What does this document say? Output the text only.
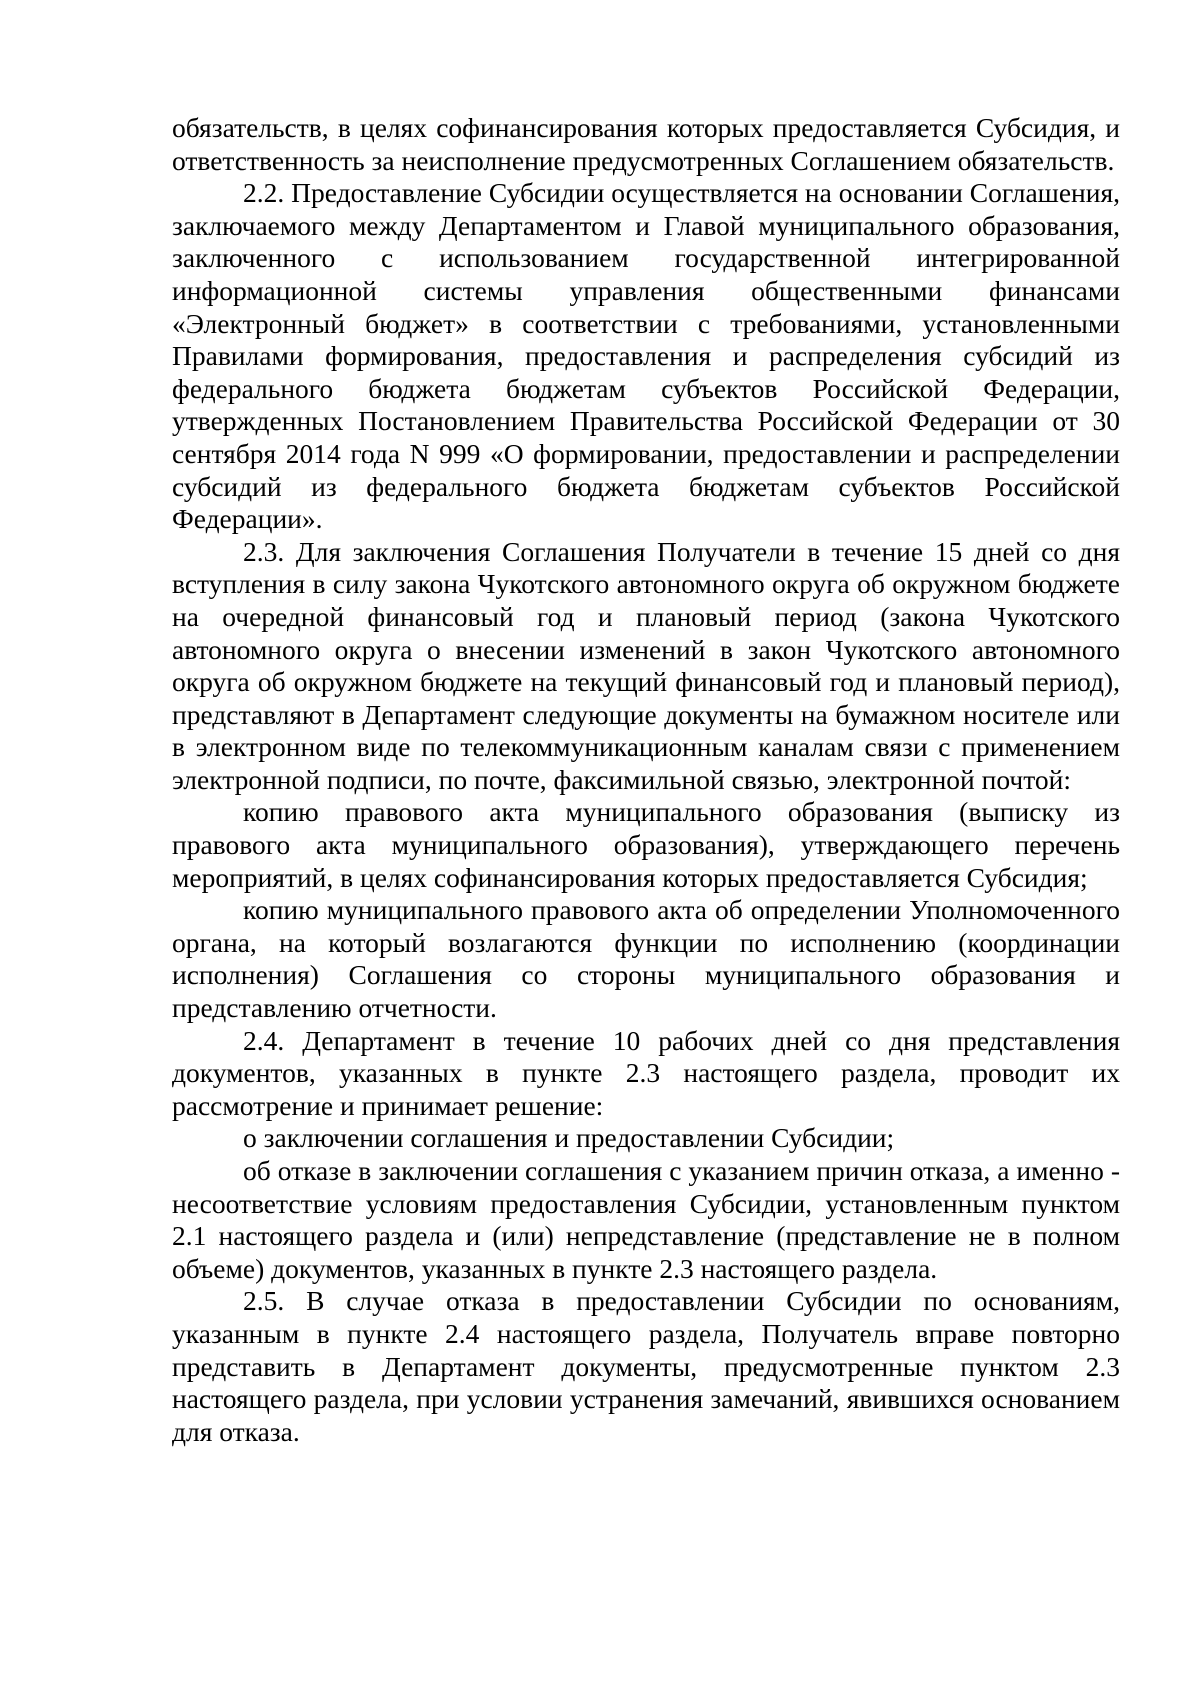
обязательств, в целях софинансирования которых предоставляется Субсидия, и ответственность за неисполнение предусмотренных Соглашением обязательств.

2.2. Предоставление Субсидии осуществляется на основании Соглашения, заключаемого между Департаментом и Главой муниципального образования, заключенного с использованием государственной интегрированной информационной системы управления общественными финансами «Электронный бюджет» в соответствии с требованиями, установленными Правилами формирования, предоставления и распределения субсидий из федерального бюджета бюджетам субъектов Российской Федерации, утвержденных Постановлением Правительства Российской Федерации от 30 сентября 2014 года N 999 «О формировании, предоставлении и распределении субсидий из федерального бюджета бюджетам субъектов Российской Федерации».

2.3. Для заключения Соглашения Получатели в течение 15 дней со дня вступления в силу закона Чукотского автономного округа об окружном бюджете на очередной финансовый год и плановый период (закона Чукотского автономного округа о внесении изменений в закон Чукотского автономного округа об окружном бюджете на текущий финансовый год и плановый период), представляют в Департамент следующие документы на бумажном носителе или в электронном виде по телекоммуникационным каналам связи с применением электронной подписи, по почте, факсимильной связью, электронной почтой:

копию правового акта муниципального образования (выписку из правового акта муниципального образования), утверждающего перечень мероприятий, в целях софинансирования которых предоставляется Субсидия;

копию муниципального правового акта об определении Уполномоченного органа, на который возлагаются функции по исполнению (координации исполнения) Соглашения со стороны муниципального образования и представлению отчетности.

2.4. Департамент в течение 10 рабочих дней со дня представления документов, указанных в пункте 2.3 настоящего раздела, проводит их рассмотрение и принимает решение:

о заключении соглашения и предоставлении Субсидии;

об отказе в заключении соглашения с указанием причин отказа, а именно - несоответствие условиям предоставления Субсидии, установленным пунктом 2.1 настоящего раздела и (или) непредставление (представление не в полном объеме) документов, указанных в пункте 2.3 настоящего раздела.

2.5. В случае отказа в предоставлении Субсидии по основаниям, указанным в пункте 2.4 настоящего раздела, Получатель вправе повторно представить в Департамент документы, предусмотренные пунктом 2.3 настоящего раздела, при условии устранения замечаний, явившихся основанием для отказа.
